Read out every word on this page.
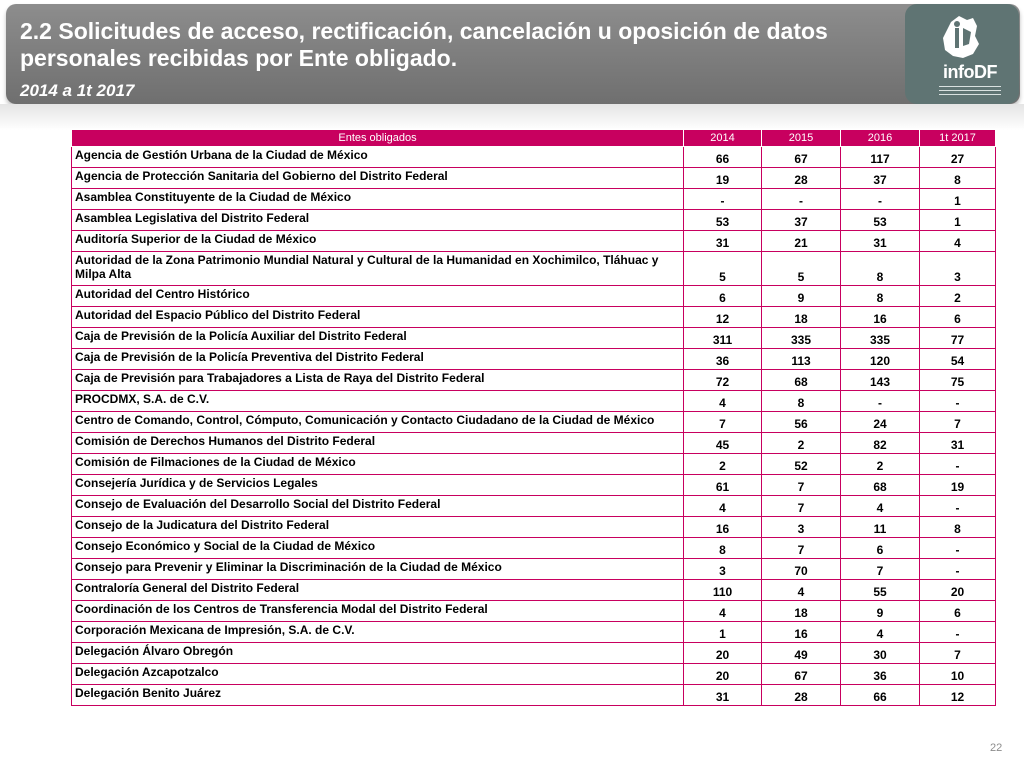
2.2 Solicitudes de acceso, rectificación, cancelación u oposición de datos personales recibidas por Ente obligado.
2014 a 1t 2017
infoDF
Entes obligados	2014	2015	2016	1t 2017
Agencia de Gestión Urbana de la Ciudad de México	66	67	117	27
Agencia de Protección Sanitaria del Gobierno del Distrito Federal	19	28	37	8
Asamblea Constituyente de la Ciudad de México	-	-	-	1
Asamblea Legislativa del Distrito Federal	53	37	53	1
Auditoría Superior de la Ciudad de México	31	21	31	4
Autoridad de la Zona Patrimonio Mundial Natural y Cultural de la Humanidad en Xochimilco, Tláhuac y Milpa Alta	5	5	8	3
Autoridad del Centro Histórico	6	9	8	2
Autoridad del Espacio Público del Distrito Federal	12	18	16	6
Caja de Previsión de la Policía Auxiliar del Distrito Federal	311	335	335	77
Caja de Previsión de la Policía Preventiva del Distrito Federal	36	113	120	54
Caja de Previsión para Trabajadores a Lista de Raya del Distrito Federal	72	68	143	75
PROCDMX, S.A. de C.V.	4	8	-	-
Centro de Comando, Control, Cómputo, Comunicación y Contacto Ciudadano de la Ciudad de México	7	56	24	7
Comisión de Derechos Humanos del Distrito Federal	45	2	82	31
Comisión de Filmaciones de la Ciudad de México	2	52	2	-
Consejería Jurídica y de Servicios Legales	61	7	68	19
Consejo de Evaluación del Desarrollo Social del Distrito Federal	4	7	4	-
Consejo de la Judicatura del Distrito Federal	16	3	11	8
Consejo Económico y Social de la Ciudad de México	8	7	6	-
Consejo para Prevenir y Eliminar la Discriminación de la Ciudad de México	3	70	7	-
Contraloría General del Distrito Federal	110	4	55	20
Coordinación de los Centros de Transferencia Modal del Distrito Federal	4	18	9	6
Corporación Mexicana de Impresión, S.A. de C.V.	1	16	4	-
Delegación Álvaro Obregón	20	49	30	7
Delegación Azcapotzalco	20	67	36	10
Delegación Benito Juárez	31	28	66	12
22
